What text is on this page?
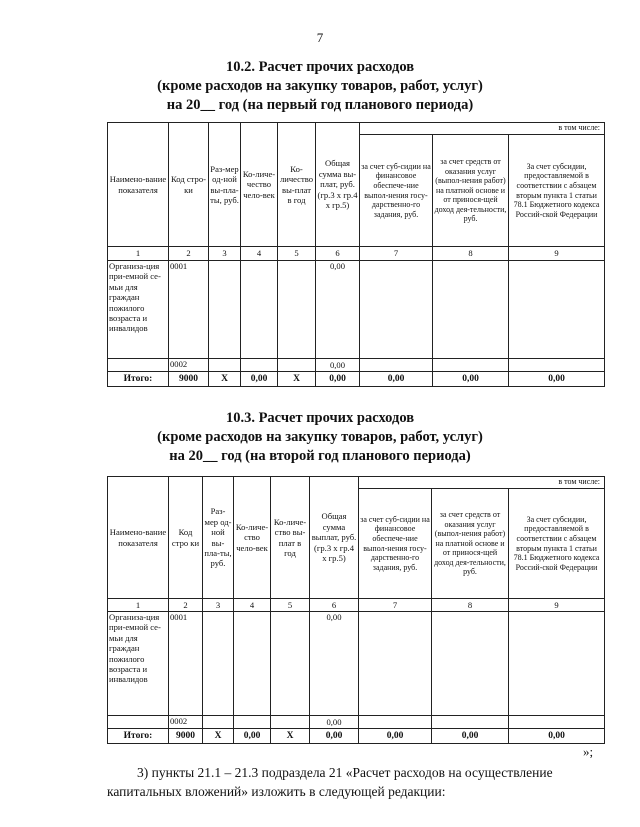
7
10.2. Расчет прочих расходов
(кроме расходов на закупку товаров, работ, услуг)
на 20__ год (на первый год планового периода)
Наимено-вание показателя	Код стро-ки	Раз-мер од-ной вы-пла-ты, руб.	Ко-личе-чество чело-век	Ко-личество вы-плат в год	Общая сумма вы-плат, руб. (гр.3 х гр.4 х гр.5)	в том числе:		
						за счет суб-сидии на финансовое обеспече-ние выпол-нения госу-дарственно-го задания, руб.	за счет средств от оказания услуг (выпол-нения работ) на платной основе и от принося-щей доход дея-тельности, руб.	За счет субсидии, предоставляемой в соответствии с абзацем вторым пункта 1 статьи 78.1 Бюджетного кодекса Россий-ской Федерации
1	2	3	4	5	6	7	8	9
Организа-ция при-емной се-мьи для граждан пожилого возраста и инвалидов	0001				0,00			
	0002				0,00			
Итого:	9000	X	0,00	X	0,00	0,00	0,00	0,00
10.3. Расчет прочих расходов
(кроме расходов на закупку товаров, работ, услуг)
на 20__ год (на второй год планового периода)
Наимено-вание показателя	Код стро ки	Раз-мер од-ной вы-пла-ты, руб.	Ко-личе-ство чело-век	Ко-личе-ство вы-плат в год	Общая сумма выплат, руб. (гр.3 х гр.4 х гр.5)	в том числе:		
						за счет суб-сидии на финансовое обеспече-ние выпол-нения госу-дарственно-го задания, руб.	за счет средств от оказания услуг (выпол-нения работ) на платной основе и от принося-щей доход дея-тельности, руб.	За счет субсидии, предоставляемой в соответствии с абзацем вторым пункта 1 статьи 78.1 Бюджетного кодекса Россий-ской Федерации
1	2	3	4	5	6	7	8	9
Организа-ция при-емной се-мьи для граждан пожилого возраста и инвалидов	0001				0,00			
	0002				0,00			
Итого:	9000	X	0,00	X	0,00	0,00	0,00	0,00
»;
3) пункты 21.1 – 21.3 подраздела 21 «Расчет расходов на осуществление
капитальных вложений» изложить в следующей редакции:
